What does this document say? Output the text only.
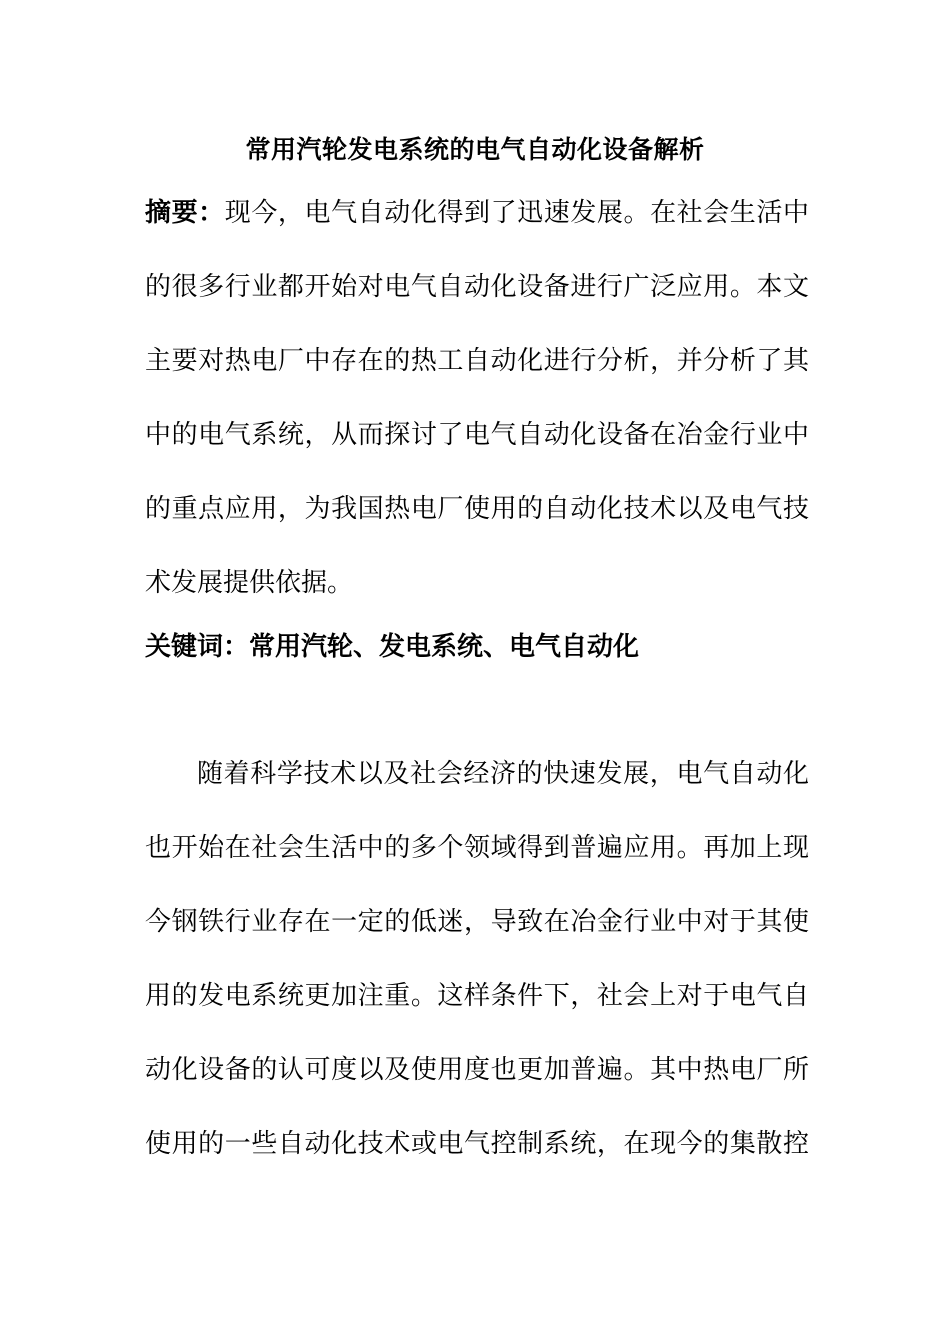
常用汽轮发电系统的电气自动化设备解析
摘要：现今，电气自动化得到了迅速发展。在社会生活中
的很多行业都开始对电气自动化设备进行广泛应用。本文
主要对热电厂中存在的热工自动化进行分析，并分析了其
中的电气系统，从而探讨了电气自动化设备在冶金行业中
的重点应用，为我国热电厂使用的自动化技术以及电气技
术发展提供依据。
关键词：常用汽轮、发电系统、电气自动化
随着科学技术以及社会经济的快速发展，电气自动化
也开始在社会生活中的多个领域得到普遍应用。再加上现
今钢铁行业存在一定的低迷，导致在冶金行业中对于其使
用的发电系统更加注重。这样条件下，社会上对于电气自
动化设备的认可度以及使用度也更加普遍。其中热电厂所
使用的一些自动化技术或电气控制系统，在现今的集散控
